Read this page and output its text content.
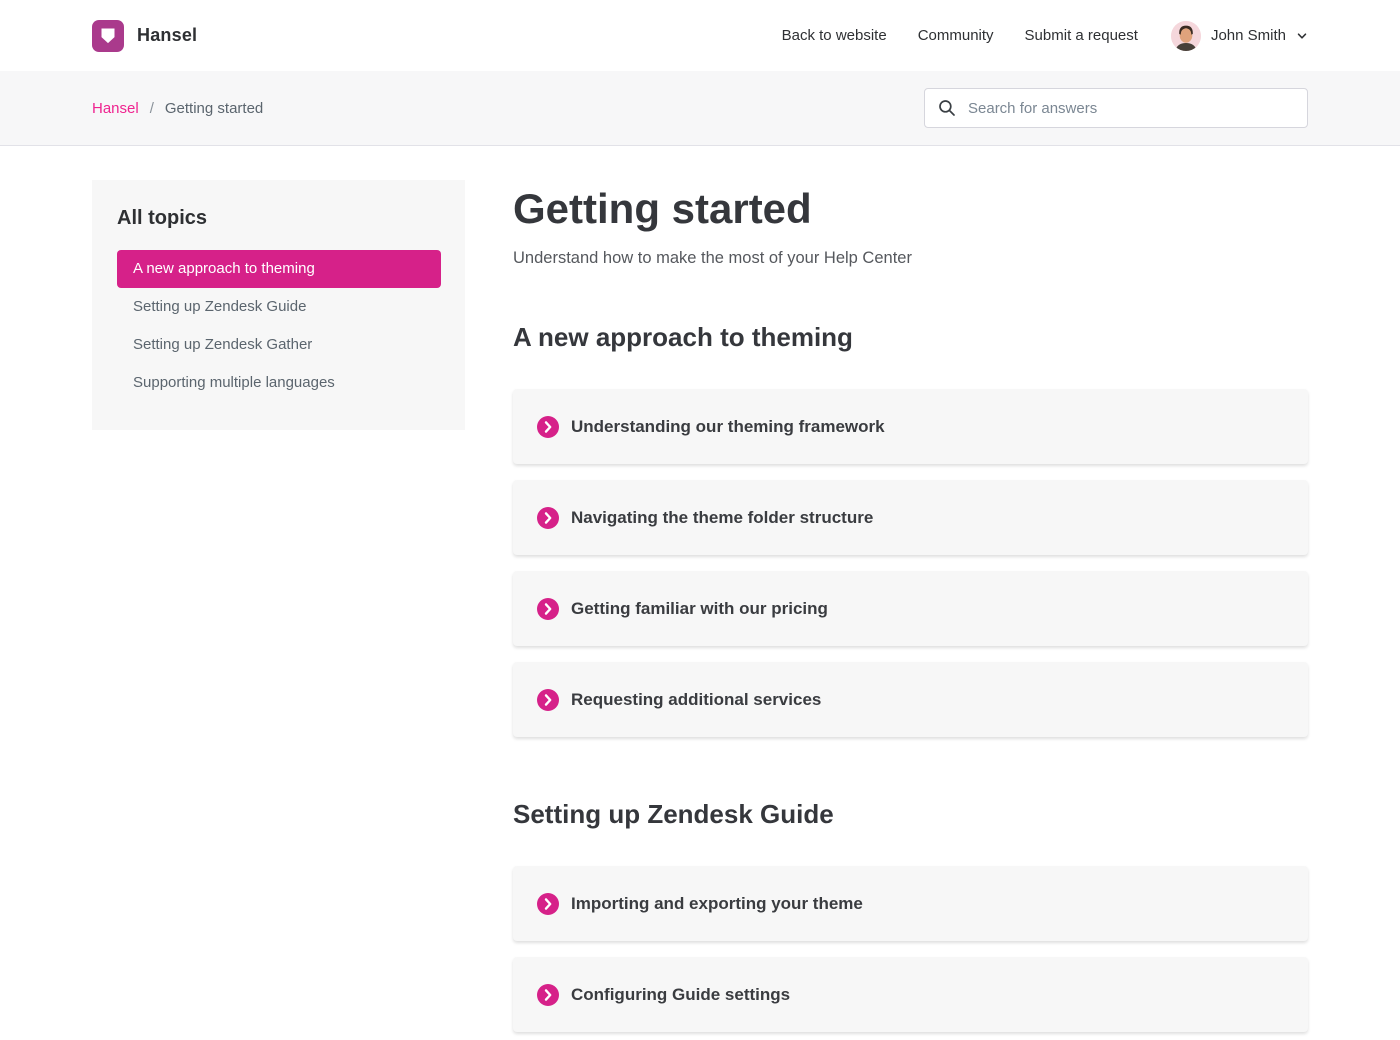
Hansel	Back to website Community Submit a request	John Smith
Hansel / Getting started
Search for answers
All topics
A new approach to theming
Setting up Zendesk Guide
Setting up Zendesk Gather
Supporting multiple languages
Getting started
Understand how to make the most of your Help Center
A new approach to theming
Understanding our theming framework
Navigating the theme folder structure
Getting familiar with our pricing
Requesting additional services
Setting up Zendesk Guide
Importing and exporting your theme
Configuring Guide settings
